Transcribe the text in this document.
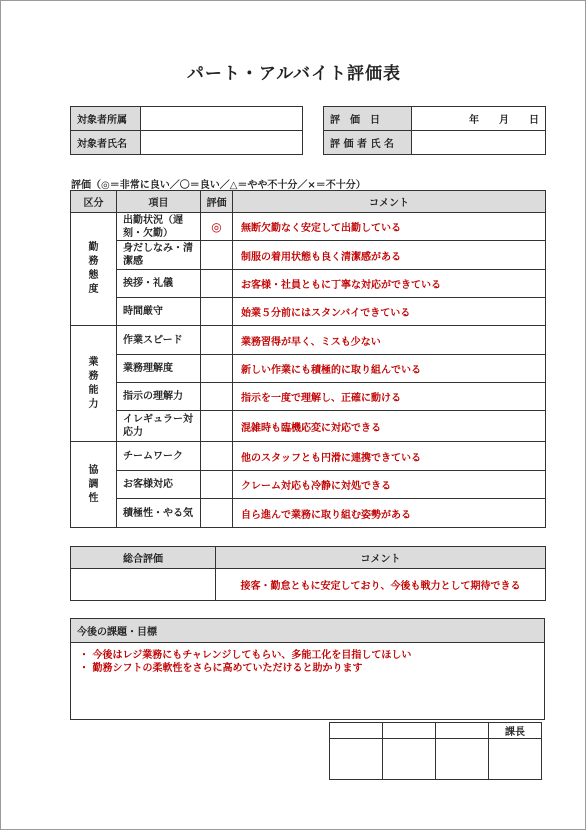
パート・アルバイト評価表
対象者所属	
対象者氏名	
評　価　日	年　　月　　日
評 価 者 氏 名	
評価（◎＝非常に良い／〇＝良い／△＝やや不十分／×＝不十分）
区分	項目	評価	コメント

勤務態度	出勤状況（遅刻・欠勤）	◎	無断欠勤なく安定して出勤している
	身だしなみ・清潔感		制服の着用状態も良く清潔感がある
	挨拶・礼儀		お客様・社員ともに丁寧な対応ができている
	時間厳守		始業５分前にはスタンバイできている

業務能力	作業スピード		業務習得が早く、ミスも少ない
	業務理解度		新しい作業にも積極的に取り組んでいる
	指示の理解力		指示を一度で理解し、正確に動ける
	イレギュラー対応力		混雑時も臨機応変に対応できる

協調性	チームワーク		他のスタッフとも円滑に連携できている
	お客様対応		クレーム対応も冷静に対処できる
	積極性・やる気		自ら進んで業務に取り組む姿勢がある
総合評価	コメント
	接客・勤怠ともに安定しており、今後も戦力として期待できる
今後の課題・目標

・ 今後はレジ業務にもチャレンジしてもらい、多能工化を目指してほしい
・ 勤務シフトの柔軟性をさらに高めていただけると助かります
			課長
